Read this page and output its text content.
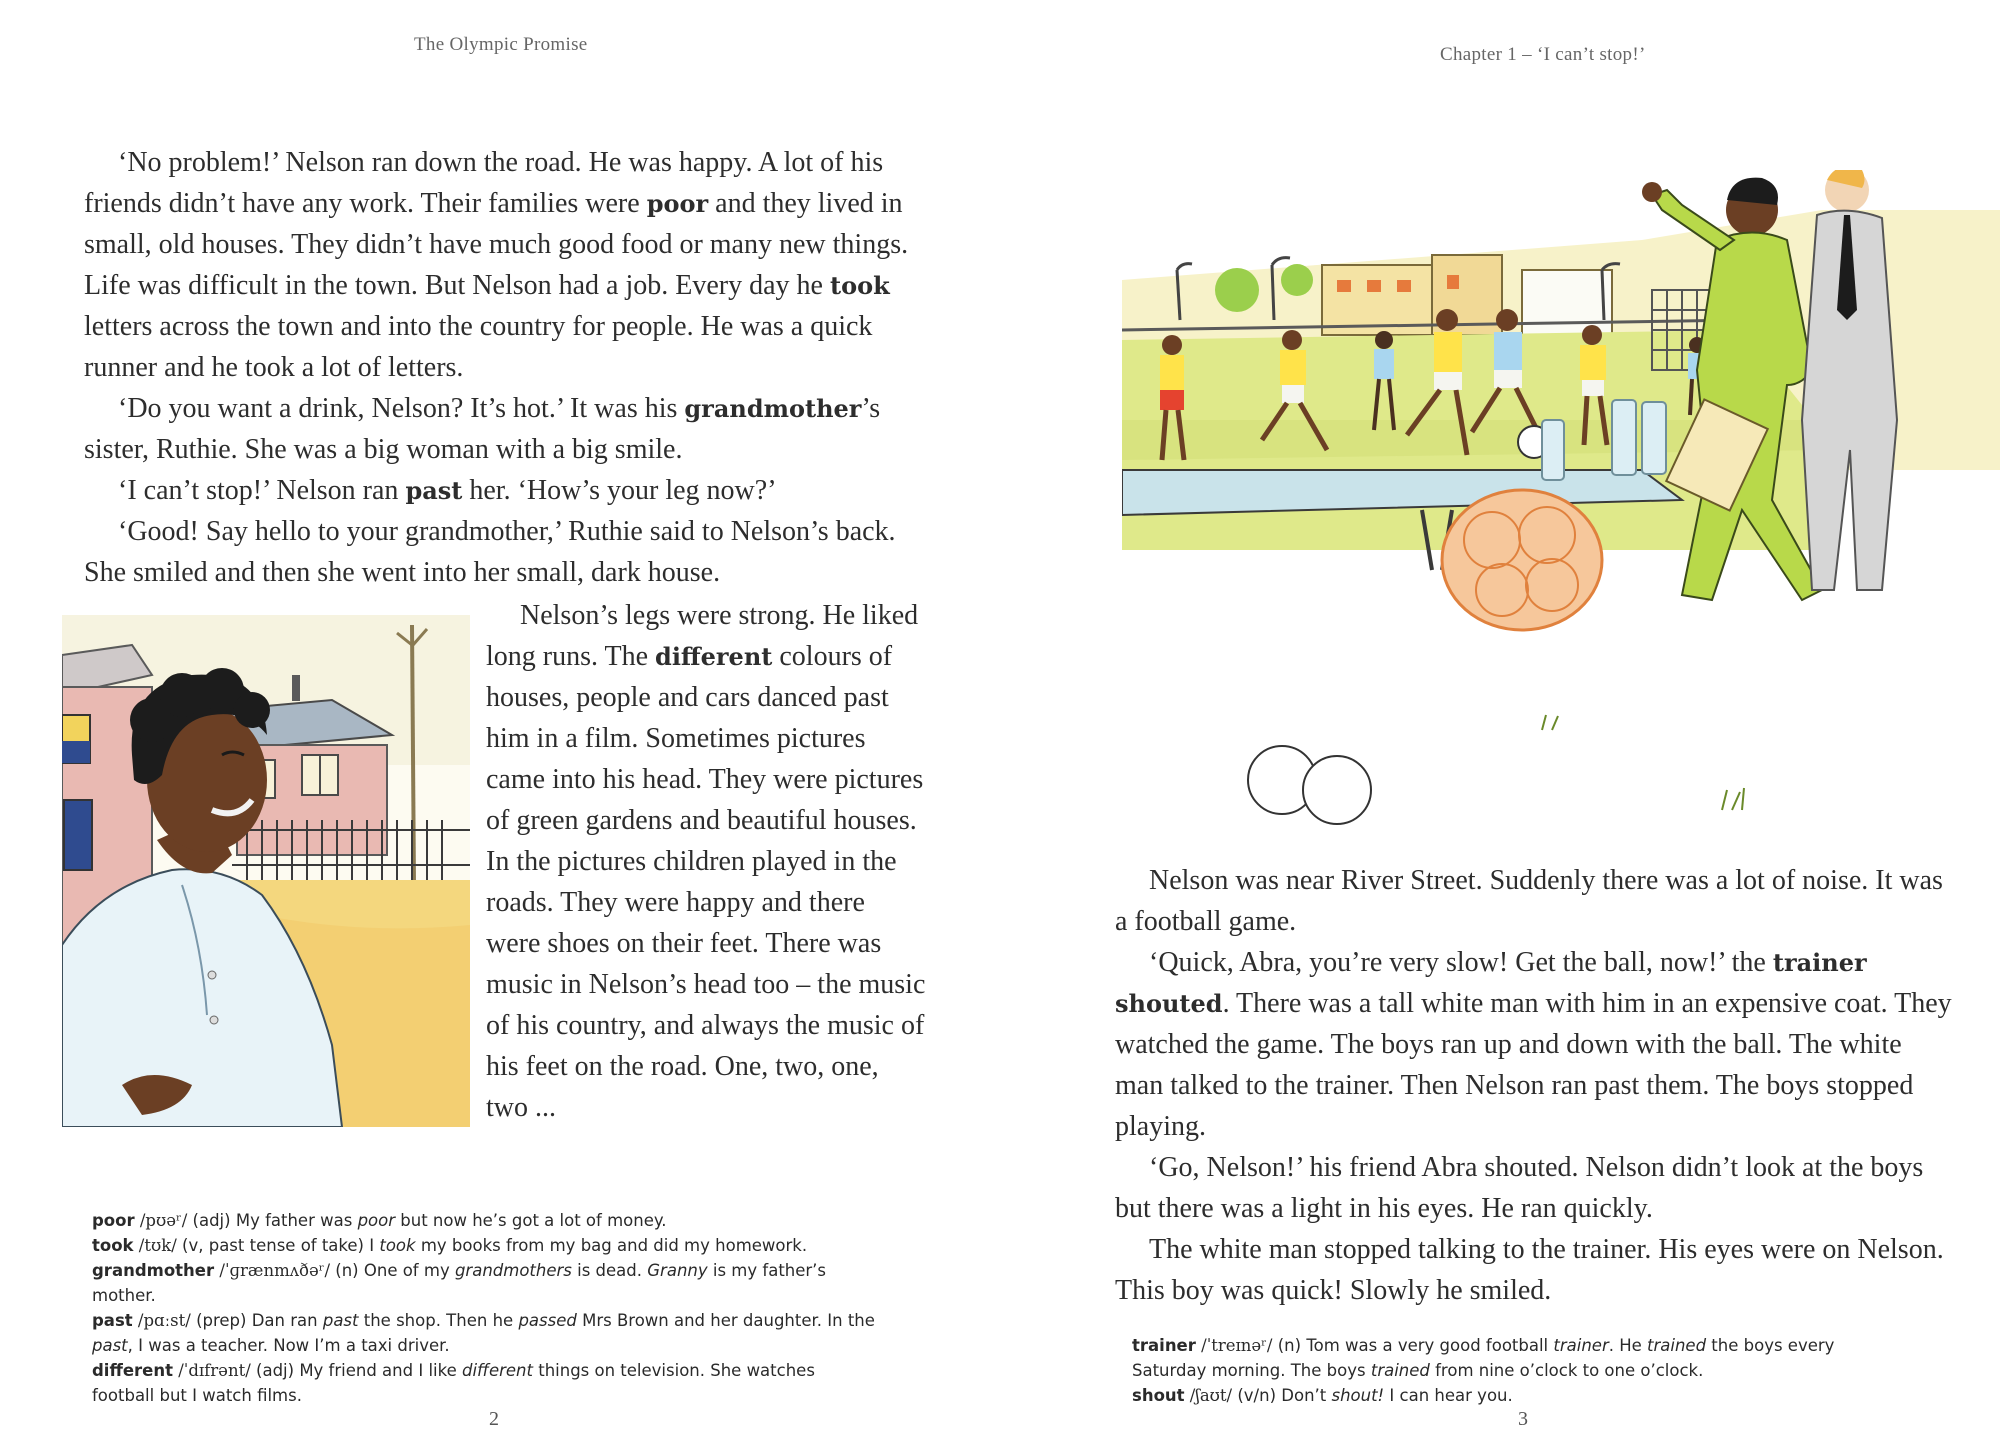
The Olympic Promise

‘No problem!’ Nelson ran down the road. He was happy. A lot of his friends didn’t have any work. Their families were poor and they lived in small, old houses. They didn’t have much good food or many new things. Life was difficult in the town. But Nelson had a job. Every day he took letters across the town and into the country for people. He was a quick runner and he took a lot of letters.

‘Do you want a drink, Nelson? It’s hot.’ It was his grandmother’s sister, Ruthie. She was a big woman with a big smile.

‘I can’t stop!’ Nelson ran past her. ‘How’s your leg now?’

‘Good! Say hello to your grandmother,’ Ruthie said to Nelson’s back. She smiled and then she went into her small, dark house.

Nelson’s legs were strong. He liked long runs. The different colours of houses, people and cars danced past him in a film. Sometimes pictures came into his head. They were pictures of green gardens and beautiful houses. In the pictures children played in the roads. They were happy and there were shoes on their feet. There was music in Nelson’s head too – the music of his country, and always the music of his feet on the road. One, two, one, two ...

poor /pʊəʳ/ (adj) My father was poor but now he’s got a lot of money.
took /tʊk/ (v, past tense of take) I took my books from my bag and did my homework.
grandmother /ˈɡrænmʌðəʳ/ (n) One of my grandmothers is dead. Granny is my father’s mother.
past /pɑːst/ (prep) Dan ran past the shop. Then he passed Mrs Brown and her daughter. In the past, I was a teacher. Now I’m a taxi driver.
different /ˈdɪfrənt/ (adj) My friend and I like different things on television. She watches football but I watch films.
2
Chapter 1 – ‘I can’t stop!’

Nelson was near River Street. Suddenly there was a lot of noise. It was a football game.

‘Quick, Abra, you’re very slow! Get the ball, now!’ the trainer shouted. There was a tall white man with him in an expensive coat. They watched the game. The boys ran up and down with the ball. The white man talked to the trainer. Then Nelson ran past them. The boys stopped playing.

‘Go, Nelson!’ his friend Abra shouted. Nelson didn’t look at the boys but there was a light in his eyes. He ran quickly.

The white man stopped talking to the trainer. His eyes were on Nelson. This boy was quick! Slowly he smiled.

trainer /ˈtreɪnəʳ/ (n) Tom was a very good football trainer. He trained the boys every Saturday morning. The boys trained from nine o’clock to one o’clock.
shout /ʃaʊt/ (v/n) Don’t shout! I can hear you.
3
